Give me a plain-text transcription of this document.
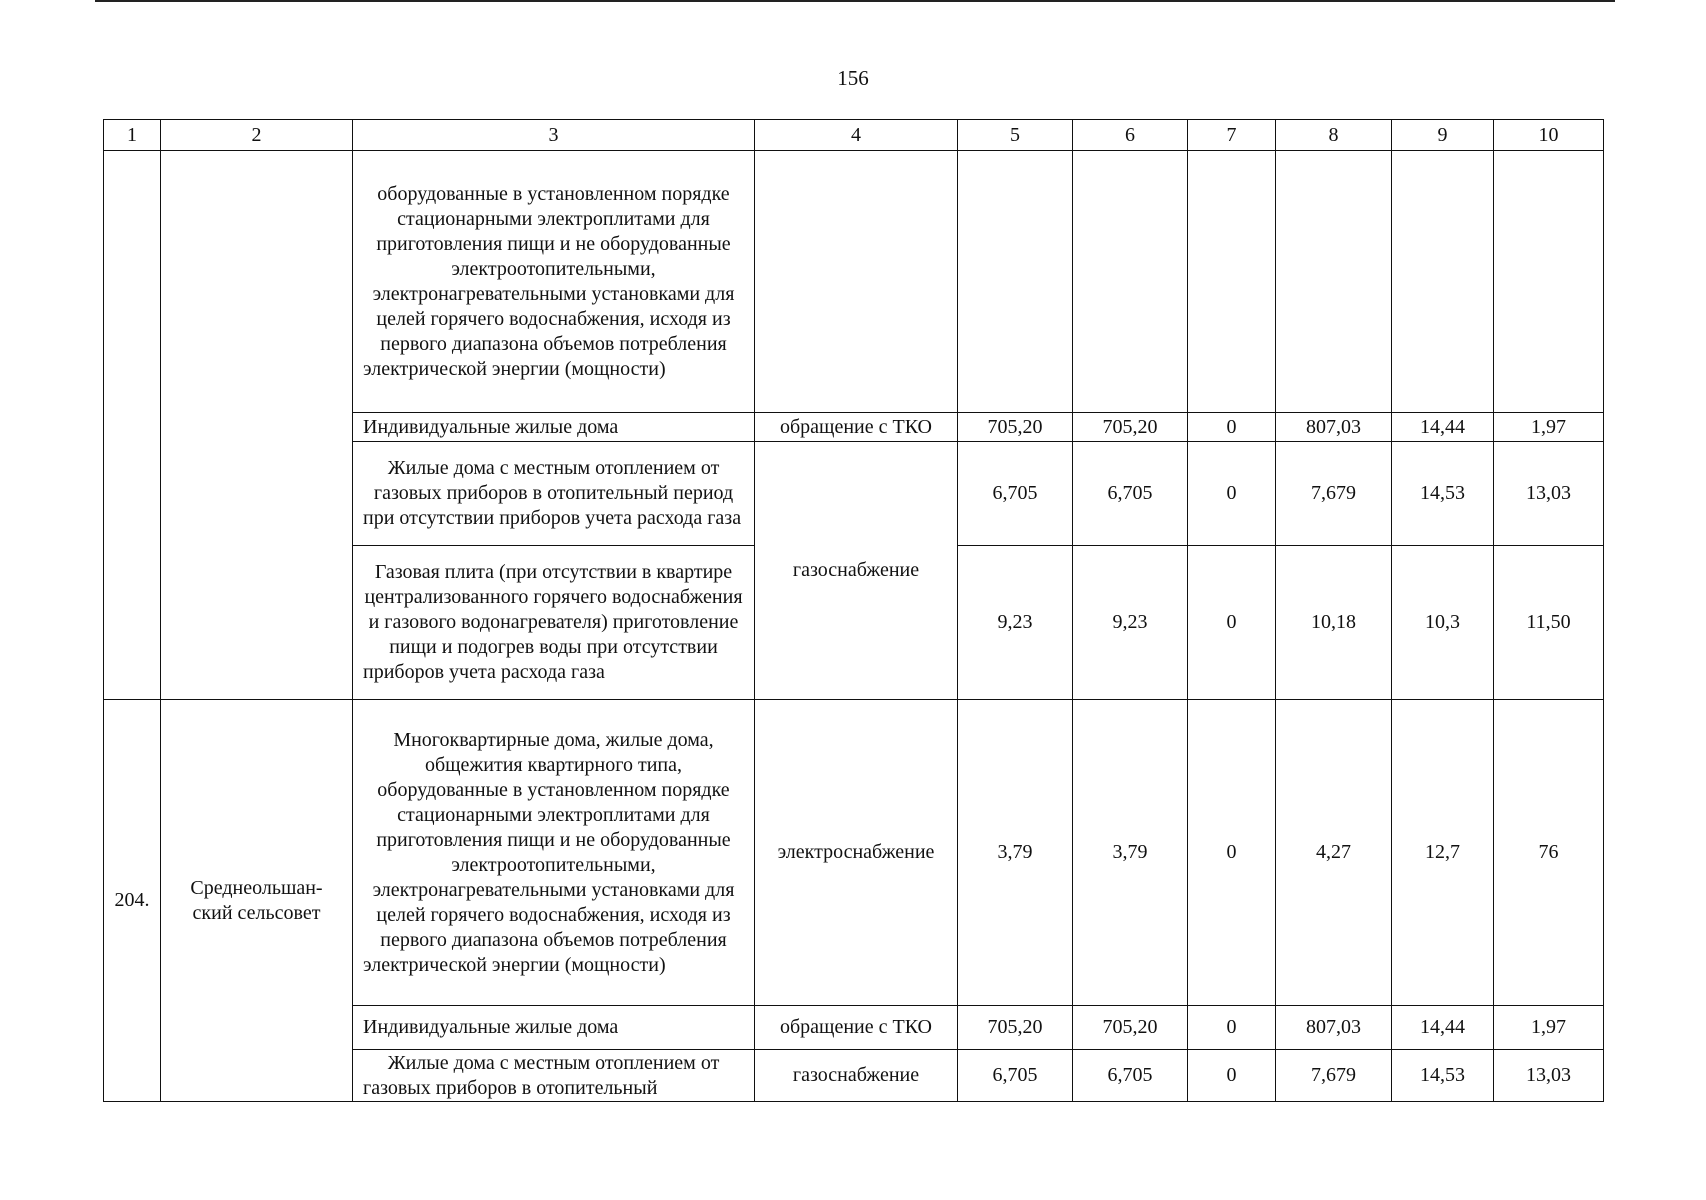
156
1	2	3	4	5	6	7	8	9	10
		оборудованные в установленном порядке стационарными электроплитами для приготовления пищи и не оборудованные электроотопительными, электронагревательными установками для целей горячего водоснабжения, исходя из первого диапазона объемов потребления электрической энергии (мощности)							
		Индивидуальные жилые дома	обращение с ТКО	705,20	705,20	0	807,03	14,44	1,97
		Жилые дома с местным отоплением от газовых приборов в отопительный период при отсутствии приборов учета расхода газа	газоснабжение	6,705	6,705	0	7,679	14,53	13,03
		Газовая плита (при отсутствии в квартире централизованного горячего водоснабжения и газового водонагревателя) приготовление пищи и подогрев воды при отсутствии приборов учета расхода газа		9,23	9,23	0	10,18	10,3	11,50
204.	Среднеольшан-ский сельсовет	Многоквартирные дома, жилые дома, общежития квартирного типа, оборудованные в установленном порядке стационарными электроплитами для приготовления пищи и не оборудованные электроотопительными, электронагревательными установками для целей горячего водоснабжения, исходя из первого диапазона объемов потребления электрической энергии (мощности)	электроснабжение	3,79	3,79	0	4,27	12,7	76
		Индивидуальные жилые дома	обращение с ТКО	705,20	705,20	0	807,03	14,44	1,97
		Жилые дома с местным отоплением от газовых приборов в отопительный	газоснабжение	6,705	6,705	0	7,679	14,53	13,03
